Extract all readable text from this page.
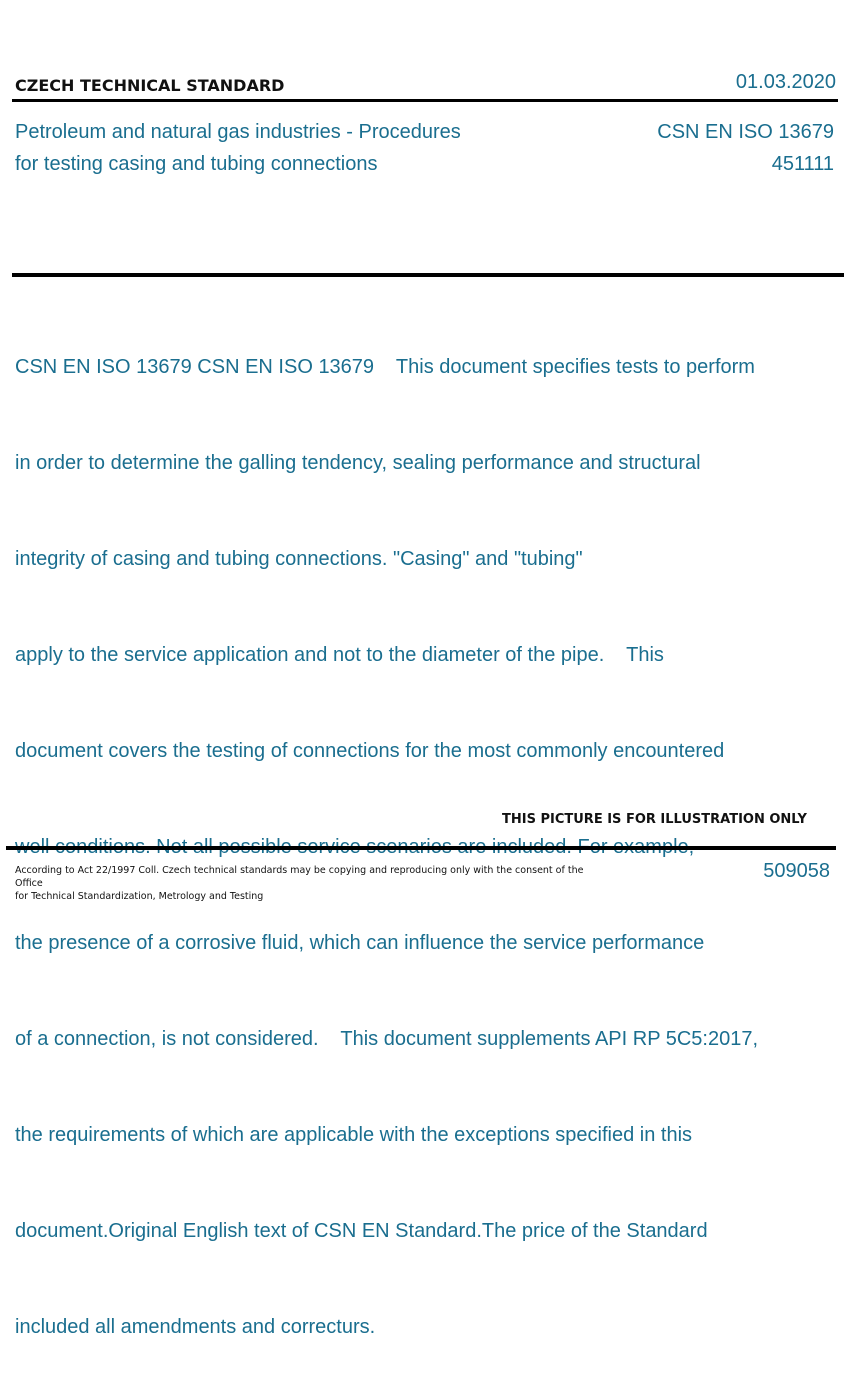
CZECH TECHNICAL STANDARD	01.03.2020
Petroleum and natural gas industries - Procedures
for testing casing and tubing connections
CSN EN ISO 13679
451111

CSN EN ISO 13679 CSN EN ISO 13679    This document specifies tests to perform

in order to determine the galling tendency, sealing performance and structural

integrity of casing and tubing connections. "Casing" and "tubing"

apply to the service application and not to the diameter of the pipe.    This

document covers the testing of connections for the most commonly encountered

the presence of a corrosive fluid, which can influence the service performance

of a connection, is not considered.    This document supplements API RP 5C5:2017,

the requirements of which are applicable with the exceptions specified in this

document.Original English text of CSN EN Standard.The price of the Standard

included all amendments and correcturs.

THIS PICTURE IS FOR ILLUSTRATION ONLY
According to Act 22/1997 Coll. Czech technical standards may be copying and reproducing only with the consent of the Office
for Technical Standardization, Metrology and Testing
509058
